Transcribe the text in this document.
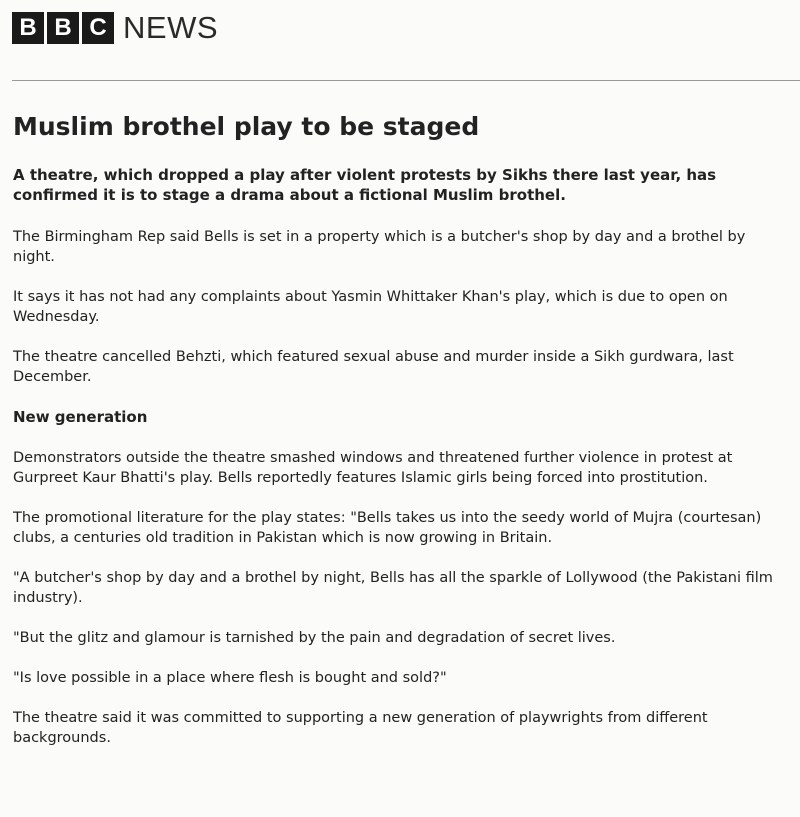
B B C NEWS
Muslim brothel play to be staged
A theatre, which dropped a play after violent protests by Sikhs there last year, has confirmed it is to stage a drama about a fictional Muslim brothel.

The Birmingham Rep said Bells is set in a property which is a butcher's shop by day and a brothel by night.

It says it has not had any complaints about Yasmin Whittaker Khan's play, which is due to open on Wednesday.

The theatre cancelled Behzti, which featured sexual abuse and murder inside a Sikh gurdwara, last December.

New generation

Demonstrators outside the theatre smashed windows and threatened further violence in protest at Gurpreet Kaur Bhatti's play. Bells reportedly features Islamic girls being forced into prostitution.

The promotional literature for the play states: "Bells takes us into the seedy world of Mujra (courtesan) clubs, a centuries old tradition in Pakistan which is now growing in Britain.

"A butcher's shop by day and a brothel by night, Bells has all the sparkle of Lollywood (the Pakistani film industry).

"But the glitz and glamour is tarnished by the pain and degradation of secret lives.

"Is love possible in a place where flesh is bought and sold?"

The theatre said it was committed to supporting a new generation of playwrights from different backgrounds.
